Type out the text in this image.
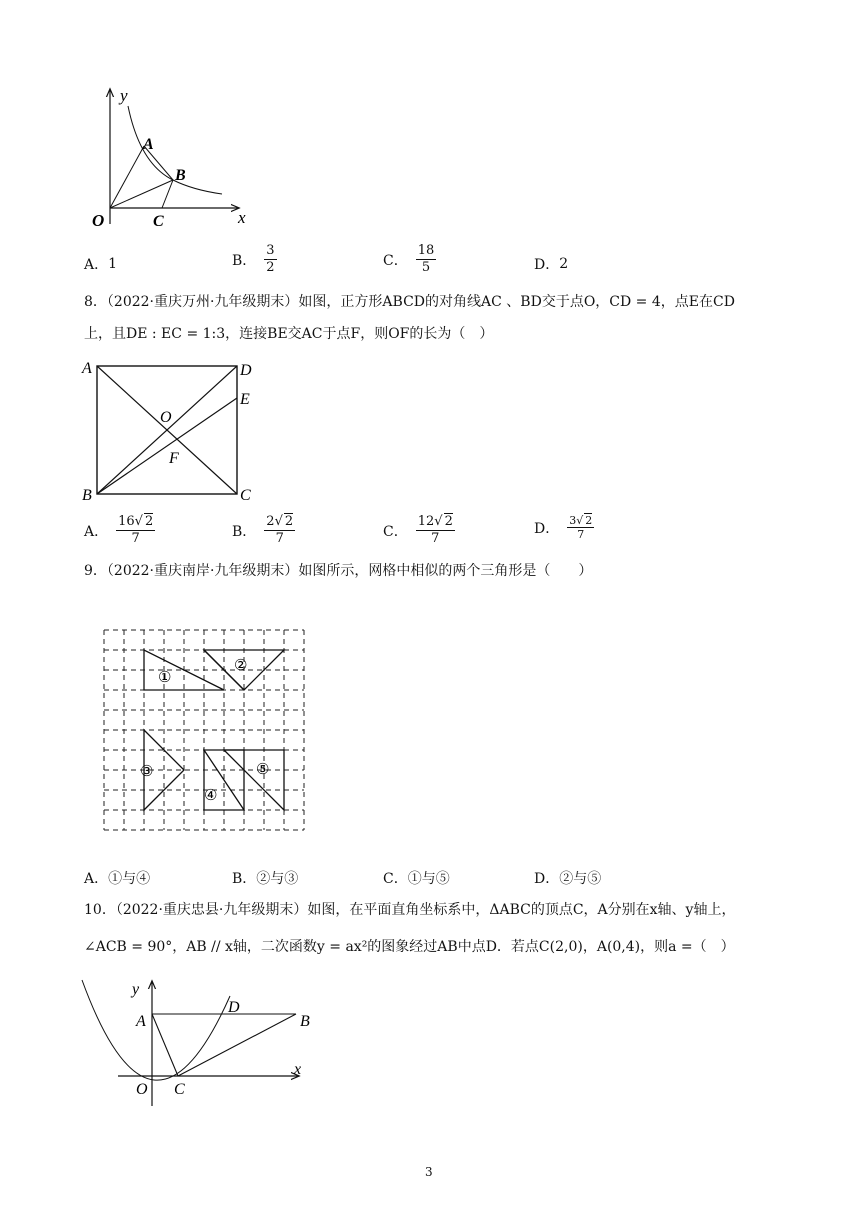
y
x
O
A
B
C
A． 1	B． $\frac{3}{2}$	C． $\frac{18}{5}$	D． 2
8．（2022·重庆万州·九年级期末）如图，正方形ABCD的对角线AC 、BD交于点O，CD = 4，点E在CD
上，且DE : EC = 1:3，连接BE交AC于点F，则OF的长为（　）
A	D
E
O
F
B	C
A． $\frac{16√ 2}{7}$	B． $\frac{2√ 2}{7}$	C． $\frac{12√ 2}{7}$	D． $\frac{3√ 2}{7}$
9．（2022·重庆南岸·九年级期末）如图所示，网格中相似的两个三角形是（　　）
①
②
③
④
⑤
A． ①与④	B． ②与③	C． ①与⑤	D． ②与⑤
10．（2022·重庆忠县·九年级期末）如图，在平面直角坐标系中，ΔABC的顶点C，A分别在x轴、y轴上，
∠ACB = 90°，AB // x轴，二次函数y = ax²的图象经过AB中点D．若点C(2,0)，A(0,4)，则a =（　）
y
x
A
D
B
O C
3
